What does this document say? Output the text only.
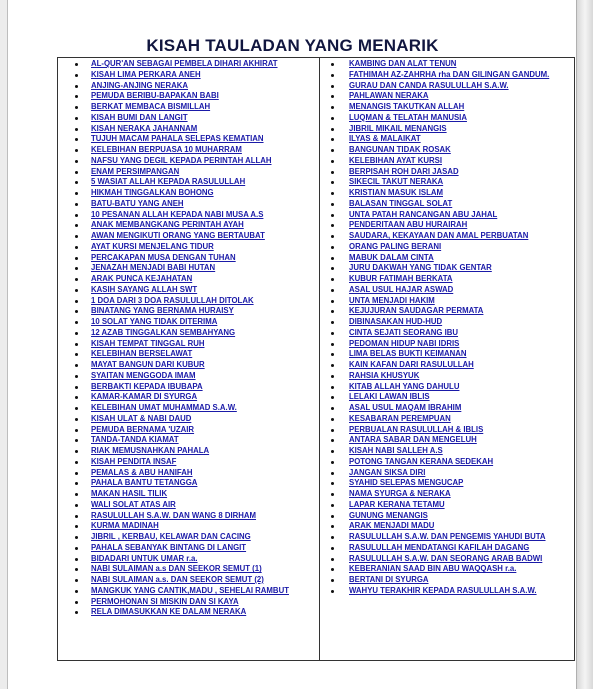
KISAH TAULADAN YANG MENARIK
AL-QUR'AN SEBAGAI PEMBELA DIHARI AKHIRAT
KISAH LIMA PERKARA ANEH
ANJING-ANJING NERAKA
PEMUDA BERIBU-BAPAKAN BABI
BERKAT MEMBACA BISMILLAH
KISAH BUMI DAN LANGIT
KISAH NERAKA JAHANNAM
TUJUH MACAM PAHALA SELEPAS KEMATIAN
KELEBIHAN BERPUASA 10 MUHARRAM
NAFSU YANG DEGIL KEPADA PERINTAH ALLAH
ENAM PERSIMPANGAN
5 WASIAT ALLAH KEPADA RASULULLAH
HIKMAH TINGGALKAN BOHONG
BATU-BATU YANG ANEH
10 PESANAN ALLAH KEPADA NABI MUSA A.S
ANAK MEMBANGKANG PERINTAH AYAH
AWAN MENGIKUTI ORANG YANG BERTAUBAT
AYAT KURSI MENJELANG TIDUR
PERCAKAPAN MUSA DENGAN TUHAN
JENAZAH MENJADI BABI HUTAN
ARAK PUNCA KEJAHATAN
KASIH SAYANG ALLAH SWT
1 DOA DARI 3 DOA RASULULLAH DITOLAK
BINATANG YANG BERNAMA HURAISY
10 SOLAT YANG TIDAK DITERIMA
12 AZAB TINGGALKAN SEMBAHYANG
KISAH TEMPAT TINGGAL RUH
KELEBIHAN BERSELAWAT
MAYAT BANGUN DARI KUBUR
SYAITAN MENGGODA IMAM
BERBAKTI KEPADA IBUBAPA
KAMAR-KAMAR DI SYURGA
KELEBIHAN UMAT MUHAMMAD S.A.W.
KISAH ULAT & NABI DAUD
PEMUDA BERNAMA 'UZAIR
TANDA-TANDA KIAMAT
RIAK MEMUSNAHKAN PAHALA
KISAH PENDITA INSAF
PEMALAS & ABU HANIFAH
PAHALA BANTU TETANGGA
MAKAN HASIL TILIK
WALI SOLAT ATAS AIR
RASULULLAH S.A.W. DAN WANG 8 DIRHAM
KURMA MADINAH
JIBRIL , KERBAU, KELAWAR DAN CACING
PAHALA SEBANYAK BINTANG DI LANGIT
BIDADARI UNTUK UMAR r.a.
NABI SULAIMAN a.s DAN SEEKOR SEMUT (1)
NABI SULAIMAN a.s. DAN SEEKOR SEMUT (2)
MANGKUK YANG CANTIK,MADU , SEHELAI RAMBUT
PERMOHONAN SI MISKIN DAN SI KAYA
RELA DIMASUKKAN KE DALAM NERAKA
KAMBING DAN ALAT TENUN
FATHIMAH AZ-ZAHRHA rha DAN GILINGAN GANDUM.
GURAU DAN CANDA RASULULLAH S.A.W.
PAHLAWAN NERAKA
MENANGIS TAKUTKAN ALLAH
LUQMAN & TELATAH MANUSIA
JIBRIL MIKAIL MENANGIS
ILYAS & MALAIKAT
BANGUNAN TIDAK ROSAK
KELEBIHAN AYAT KURSI
BERPISAH ROH DARI JASAD
SIKECIL TAKUT NERAKA
KRISTIAN MASUK ISLAM
BALASAN TINGGAL SOLAT
UNTA PATAH RANCANGAN ABU JAHAL
PENDERITAAN ABU HURAIRAH
SAUDARA, KEKAYAAN DAN AMAL PERBUATAN
ORANG PALING BERANI
MABUK DALAM CINTA
JURU DAKWAH YANG TIDAK GENTAR
KUBUR FATIMAH BERKATA
ASAL USUL HAJAR ASWAD
UNTA MENJADI HAKIM
KEJUJURAN SAUDAGAR PERMATA
DIBINASAKAN HUD-HUD
CINTA SEJATI SEORANG IBU
PEDOMAN HIDUP NABI IDRIS
LIMA BELAS BUKTI KEIMANAN
KAIN KAFAN DARI RASULULLAH
RAHSIA KHUSYUK
KITAB ALLAH YANG DAHULU
LELAKI LAWAN IBLIS
ASAL USUL MAQAM IBRAHIM
KESABARAN PEREMPUAN
PERBUALAN RASULULLAH & IBLIS
ANTARA SABAR DAN MENGELUH
KISAH NABI SALLEH A.S
POTONG TANGAN KERANA SEDEKAH
JANGAN SIKSA DIRI
SYAHID SELEPAS MENGUCAP
NAMA SYURGA & NERAKA
LAPAR KERANA TETAMU
GUNUNG MENANGIS
ARAK MENJADI MADU
RASULULLAH S.A.W. DAN PENGEMIS YAHUDI BUTA
RASULULLAH MENDATANGI KAFILAH DAGANG
RASULULLAH S.A.W. DAN SEORANG ARAB BADWI
KEBERANIAN SAAD BIN ABU WAQQASH r.a.
BERTANI DI SYURGA
WAHYU TERAKHIR KEPADA RASULULLAH S.A.W.
